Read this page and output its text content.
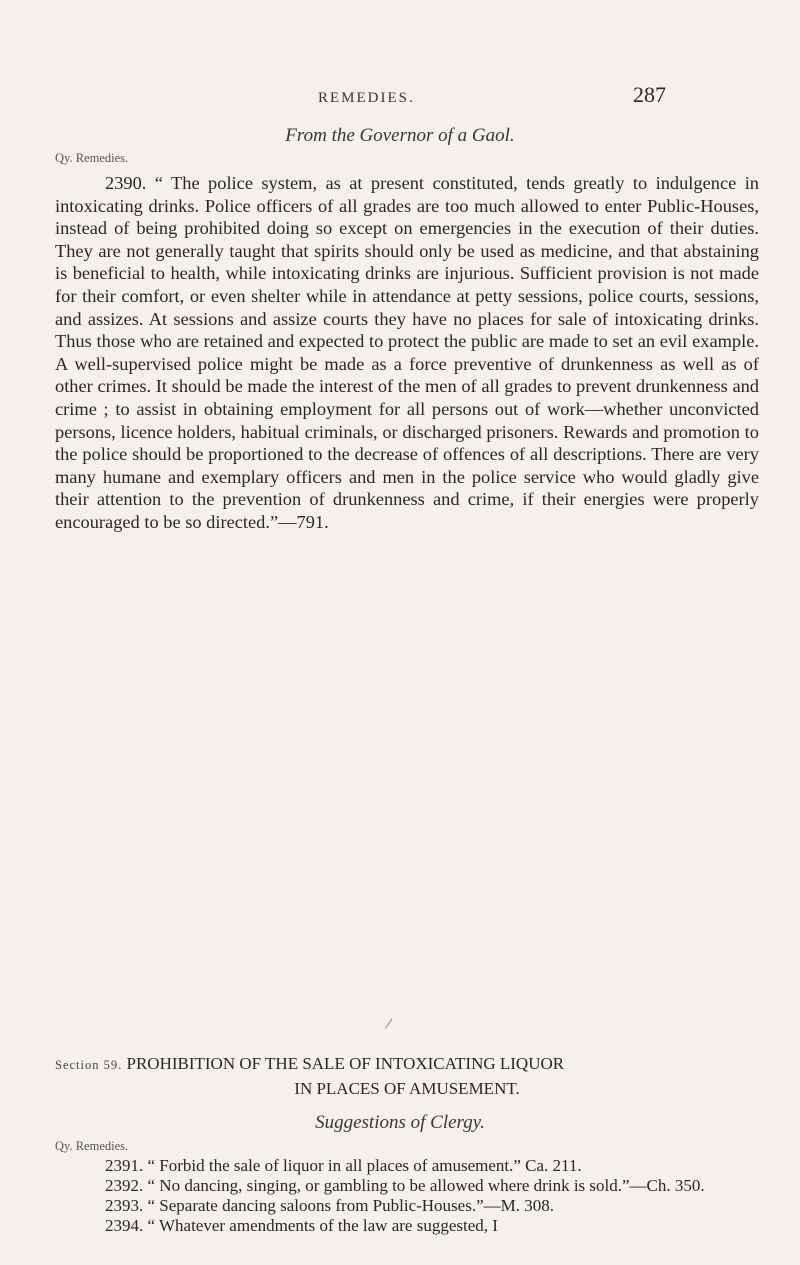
REMEDIES.	287
From the Governor of a Gaol.
Qy. Remedies.
2390. “ The police system, as at present constituted, tends greatly to indulgence in intoxicating drinks. Police officers of all grades are too much allowed to enter Public-Houses, instead of being prohibited doing so except on emergencies in the execution of their duties. They are not generally taught that spirits should only be used as medicine, and that abstaining is beneficial to health, while intoxicating drinks are injurious. Sufficient provision is not made for their comfort, or even shelter while in attendance at petty sessions, police courts, sessions, and assizes. At sessions and assize courts they have no places for sale of intoxicating drinks. Thus those who are retained and expected to protect the public are made to set an evil example. A well-supervised police might be made as a force preventive of drunkenness as well as of other crimes. It should be made the interest of the men of all grades to prevent drunkenness and crime ; to assist in obtaining employment for all persons out of work—whether unconvicted persons, licence holders, habitual criminals, or discharged prisoners. Rewards and promotion to the police should be proportioned to the decrease of offences of all descriptions. There are very many humane and exemplary officers and men in the police service who would gladly give their attention to the prevention of drunkenness and crime, if their energies were properly encouraged to be so directed.”—791.
Section 59. PROHIBITION OF THE SALE OF INTOXICATING LIQUOR
IN PLACES OF AMUSEMENT.
Suggestions of Clergy.
Qy. Remedies.
2391. “ Forbid the sale of liquor in all places of amusement.” Ca. 211.
2392. “ No dancing, singing, or gambling to be allowed where drink is sold.”—Ch. 350.
2393. “ Separate dancing saloons from Public-Houses.”—M. 308.
2394. “ Whatever amendments of the law are suggested, I
